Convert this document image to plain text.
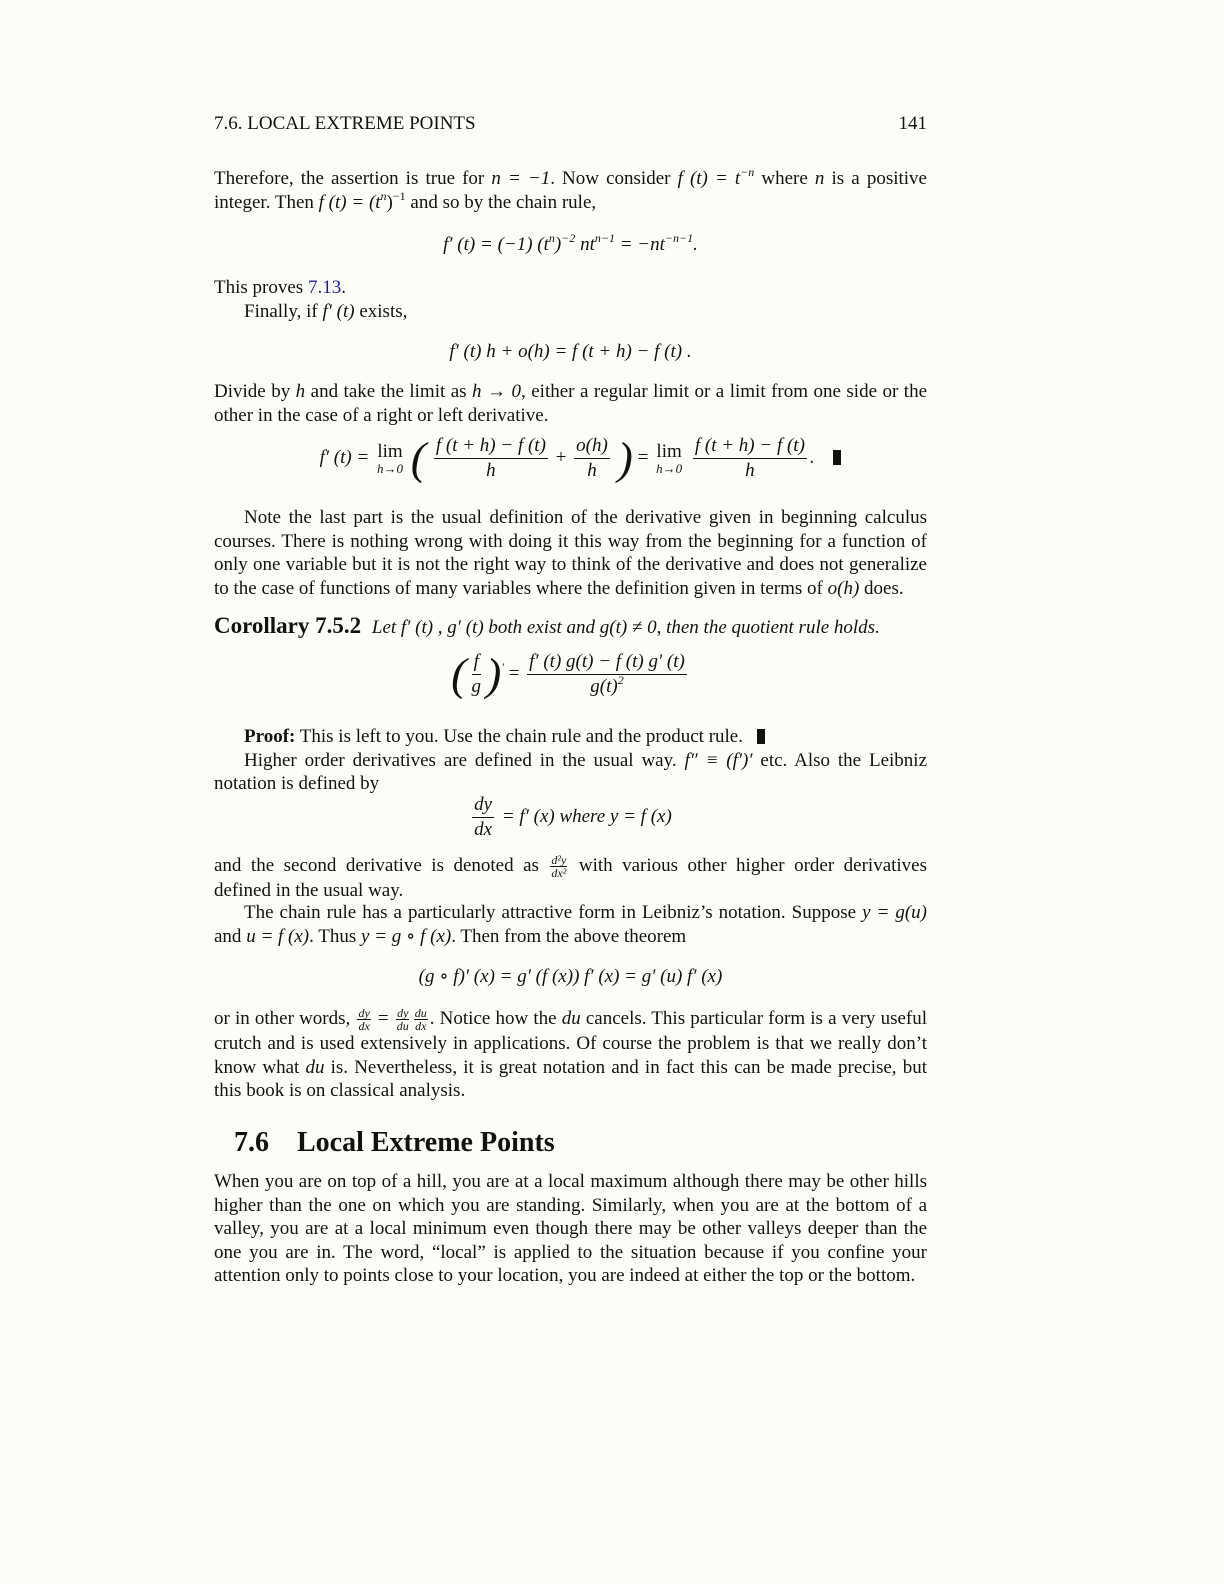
7.6. LOCAL EXTREME POINTS	141

Therefore, the assertion is true for n = −1. Now consider f $(t) = t^{-n}$ where n is a positive integer. Then f $(t) = (t^n)^{-1}$ and so by the chain rule,

f′ (t) = (−1) $(t^n)^{-2}$ $nt^{n-1} = -nt^{-n-1}$.

This proves 7.13.

Finally, if f′ (t) exists,

f′ (t) h + o(h) = f (t + h) − f (t) .

Divide by h and take the limit as h → 0, either a regular limit or a limit from one side or the other in the case of a right or left derivative.

f′ (t) = lim
h→0 ( $\frac{f (t + h) - f (t)}{h} + \frac{o(h)}{h}$ ) = lim
h→0
$\frac{f (t + h) - f (t)}{h}$ .

Note the last part is the usual definition of the derivative given in beginning calculus courses. There is nothing wrong with doing it this way from the beginning for a function of only one variable but it is not the right way to think of the derivative and does not generalize to the case of functions of many variables where the definition given in terms of o(h) does.

Corollary 7.5.2 Let f′ (t) , g′ (t) both exist and g(t) ≠ 0, then the quotient rule holds.

( $\frac{f}{g} )' = \frac{f' (t) g(t) - f (t) g' (t)}{g(t)^2}$

Proof: This is left to you. Use the chain rule and the product rule.

Higher order derivatives are defined in the usual way. f″ ≡ (f′)′ etc. Also the Leibniz notation is defined by

$\frac{dy}{dx} = f'$ (x) where y = f (x)

and the second derivative is denoted as $\frac{\text{d²y}}{\text{dx²}}$ with various other higher order derivatives defined in the usual way.

The chain rule has a particularly attractive form in Leibniz’s notation. Suppose y = g(u) and u = f (x). Thus y = g ∘ f (x). Then from the above theorem

(g ∘ f)′ (x) = g′ (f (x)) f′ (x) = g′ (u) f′ (x)

or in other words, $\frac{dy}{dx} = \frac{dy}{du} \frac{du}{dx}$ . Notice how the du cancels. This particular form is a very useful crutch and is used extensively in applications. Of course the problem is that we really don’t know what du is. Nevertheless, it is great notation and in fact this can be made precise, but this book is on classical analysis.

7.6 Local Extreme Points

When you are on top of a hill, you are at a local maximum although there may be other hills higher than the one on which you are standing. Similarly, when you are at the bottom of a valley, you are at a local minimum even though there may be other valleys deeper than the one you are in. The word, “local” is applied to the situation because if you confine your attention only to points close to your location, you are indeed at either the top or the bottom.
